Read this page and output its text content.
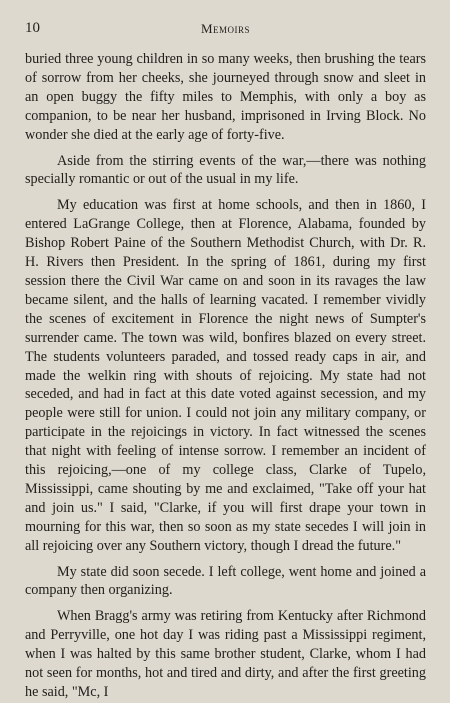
10	Memoirs

buried three young children in so many weeks, then brushing the tears of sorrow from her cheeks, she journeyed through snow and sleet in an open buggy the fifty miles to Memphis, with only a boy as companion, to be near her husband, imprisoned in Irving Block. No wonder she died at the early age of forty-five.

Aside from the stirring events of the war,—there was nothing specially romantic or out of the usual in my life.

My education was first at home schools, and then in 1860, I entered LaGrange College, then at Florence, Alabama, founded by Bishop Robert Paine of the Southern Methodist Church, with Dr. R. H. Rivers then President. In the spring of 1861, during my first session there the Civil War came on and soon in its ravages the law became silent, and the halls of learning vacated. I remember vividly the scenes of excitement in Florence the night news of Sumpter's surrender came. The town was wild, bonfires blazed on every street. The students volunteers paraded, and tossed ready caps in air, and made the welkin ring with shouts of rejoicing. My state had not seceded, and had in fact at this date voted against secession, and my people were still for union. I could not join any military company, or participate in the rejoicings in victory. In fact witnessed the scenes that night with feeling of intense sorrow. I remember an incident of this rejoicing,—one of my college class, Clarke of Tupelo, Mississippi, came shouting by me and exclaimed, "Take off your hat and join us." I said, "Clarke, if you will first drape your town in mourning for this war, then so soon as my state secedes I will join in all rejoicing over any Southern victory, though I dread the future."

My state did soon secede. I left college, went home and joined a company then organizing.

When Bragg's army was retiring from Kentucky after Richmond and Perryville, one hot day I was riding past a Mississippi regiment, when I was halted by this same brother student, Clarke, whom I had not seen for months, hot and tired and dirty, and after the first greeting he said, "Mc, I
